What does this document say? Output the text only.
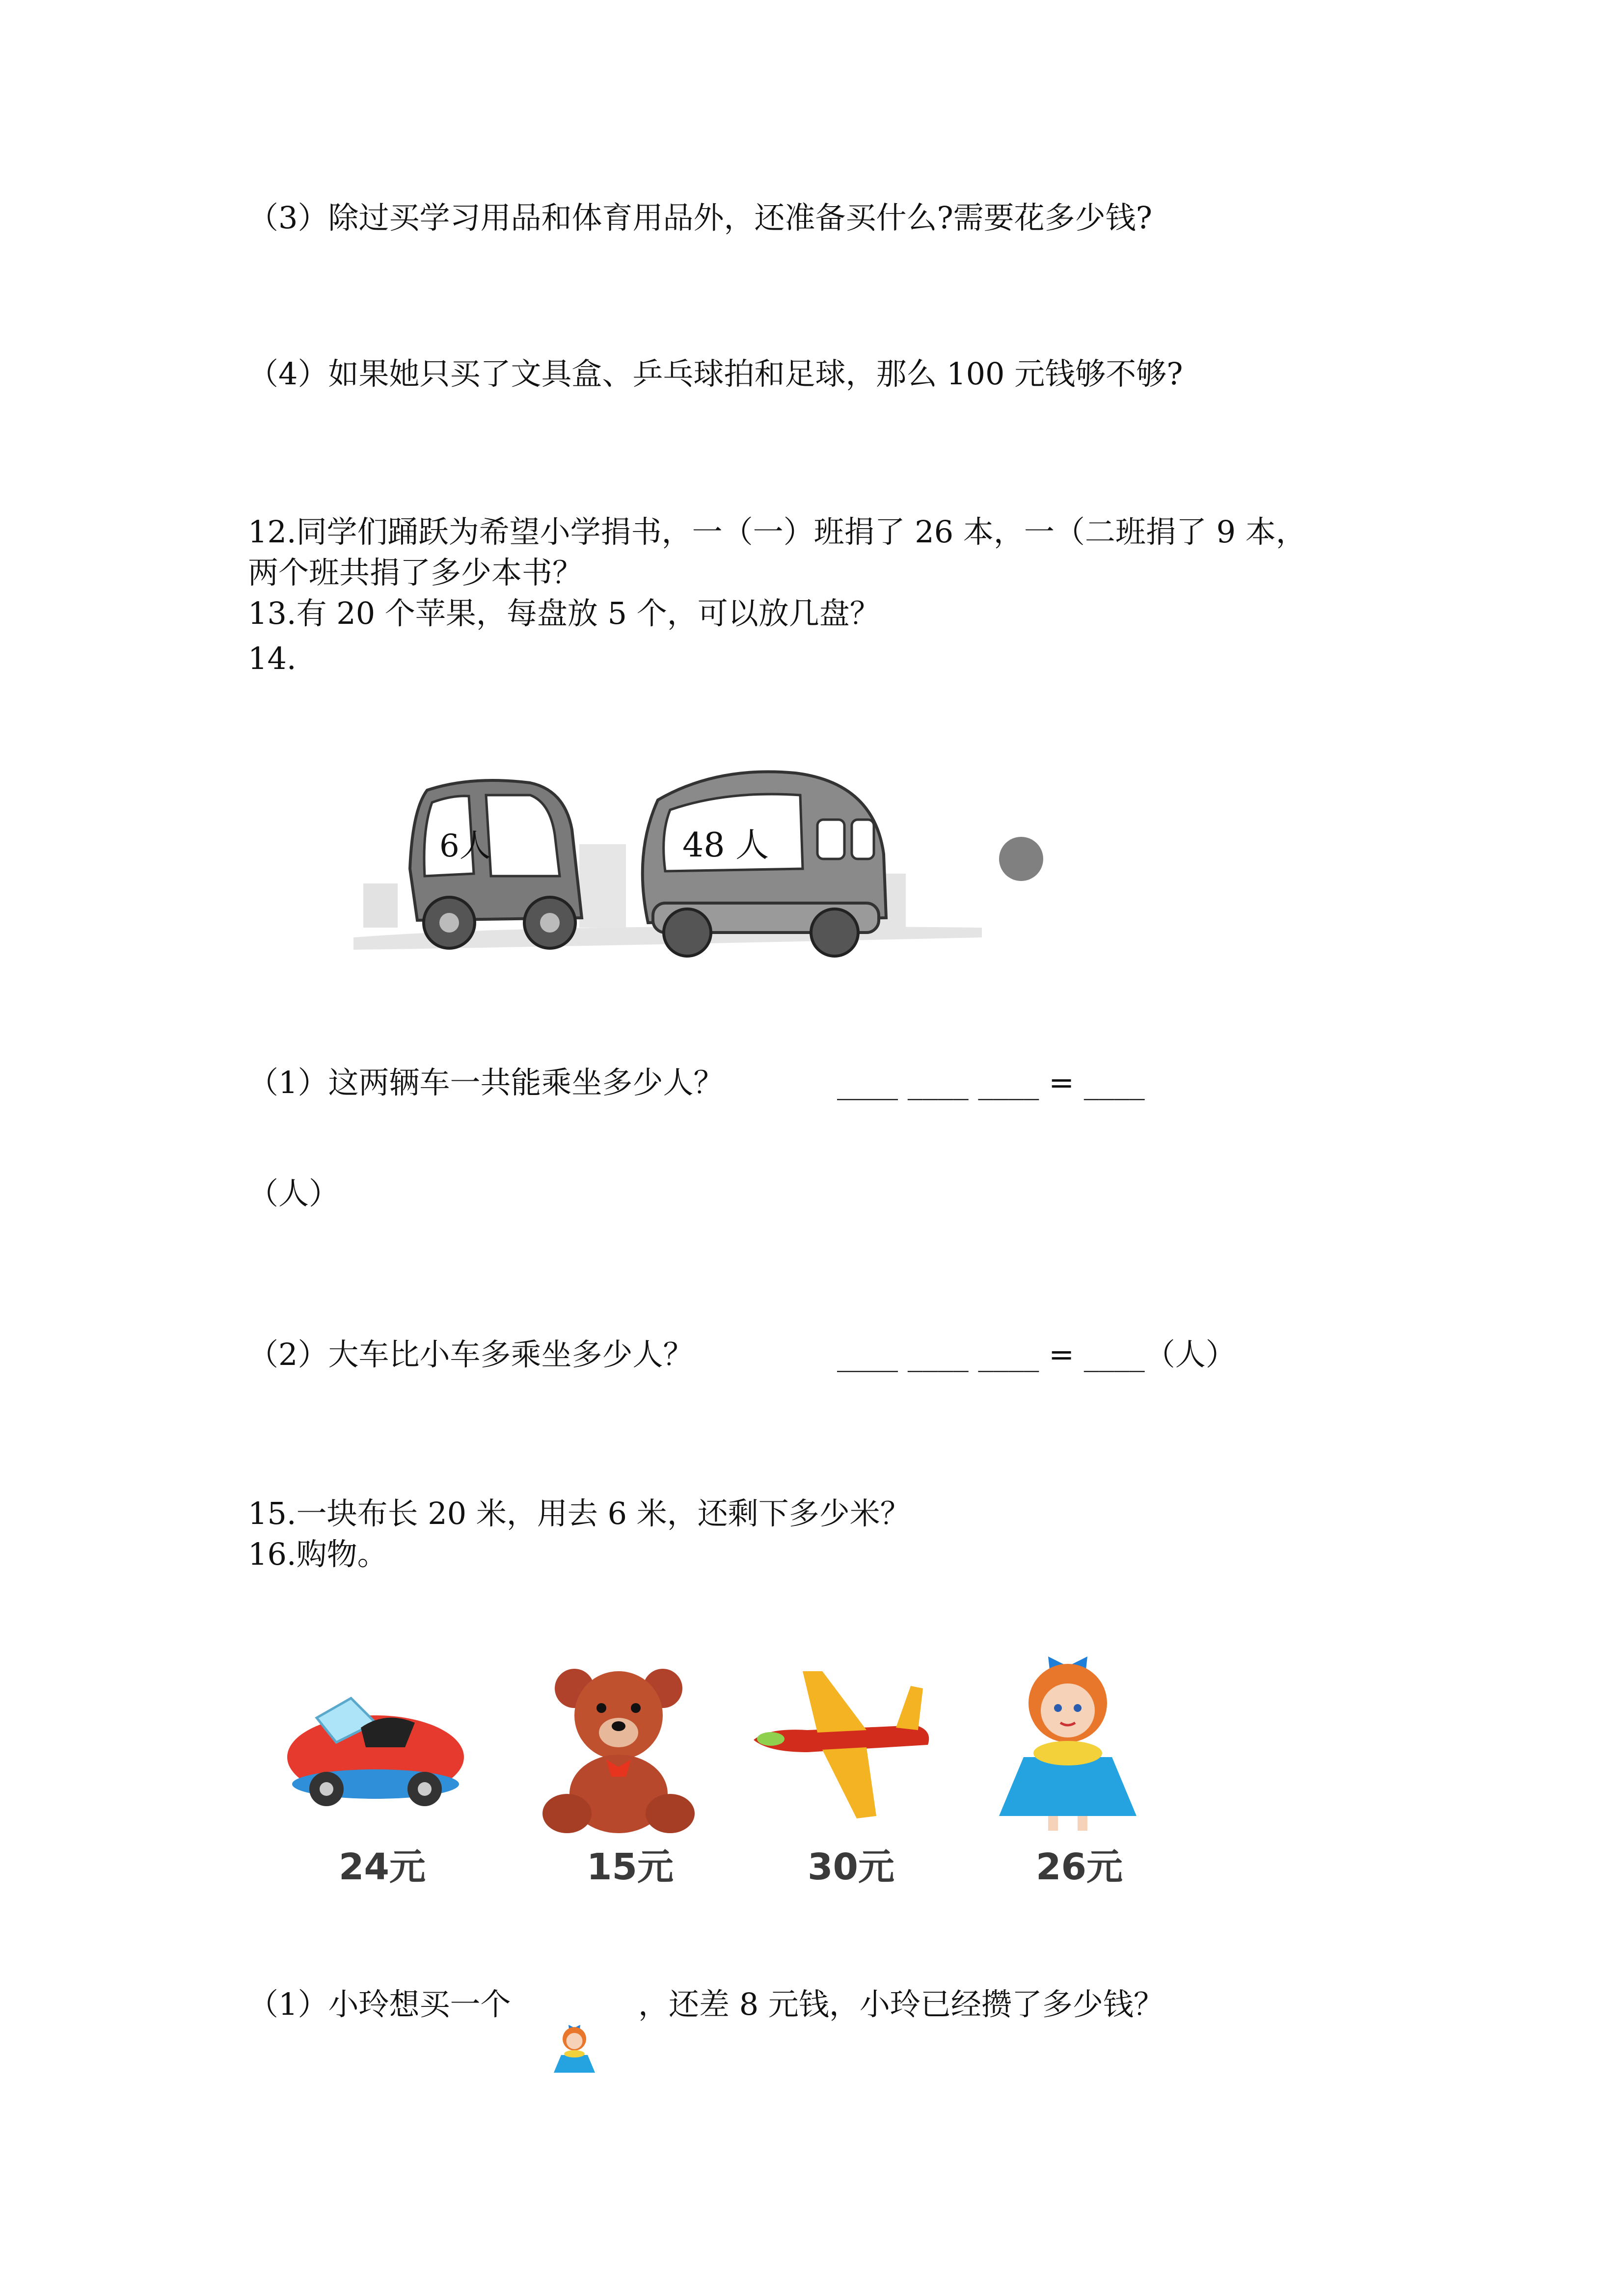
（3）除过买学习用品和体育用品外，还准备买什么?需要花多少钱?
（4）如果她只买了文具盒、乒乓球拍和足球，那么 100 元钱够不够?
12.同学们踊跃为希望小学捐书，一（一）班捐了 26 本，一（二班捐了 9 本，
两个班共捐了多少本书？
13.有 20 个苹果，每盘放 5 个，可以放几盘？
14.
6人	48 人
（1）这两辆车一共能乘坐多少人？	____ ____ ____ = ____
（人）
（2）大车比小车多乘坐多少人？	____ ____ ____ = ____（人）
15.一块布长 20 米，用去 6 米，还剩下多少米？
16.购物。
24元	15元	30元	26元
（1）小玲想买一个	，还差 8 元钱，小玲已经攒了多少钱？
